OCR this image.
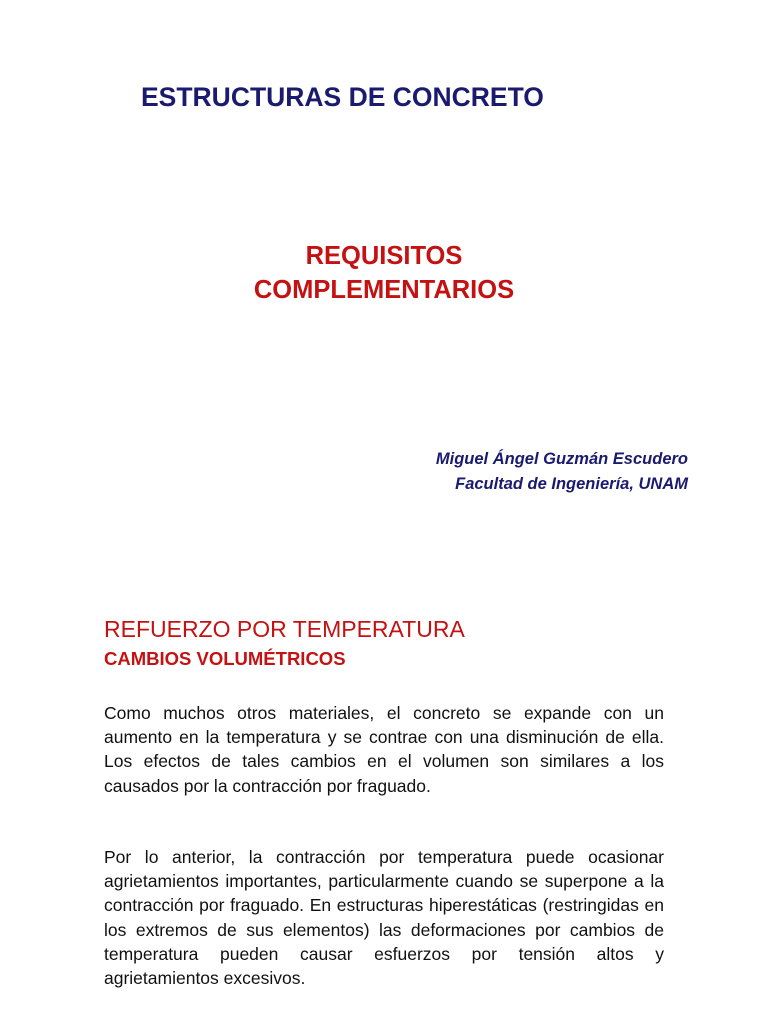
ESTRUCTURAS DE CONCRETO
REQUISITOS
COMPLEMENTARIOS
Miguel Ángel Guzmán Escudero
Facultad de Ingeniería, UNAM
REFUERZO POR TEMPERATURA
CAMBIOS VOLUMÉTRICOS

Como muchos otros materiales, el concreto se expande con un aumento en la temperatura y se contrae con una disminución de ella. Los efectos de tales cambios en el volumen son similares a los causados por la contracción por fraguado.

Por lo anterior, la contracción por temperatura puede ocasionar agrietamientos importantes, particularmente cuando se superpone a la contracción por fraguado. En estructuras hiperestáticas (restringidas en los extremos de sus elementos) las deformaciones por cambios de temperatura pueden causar esfuerzos por tensión altos y agrietamientos excesivos.
